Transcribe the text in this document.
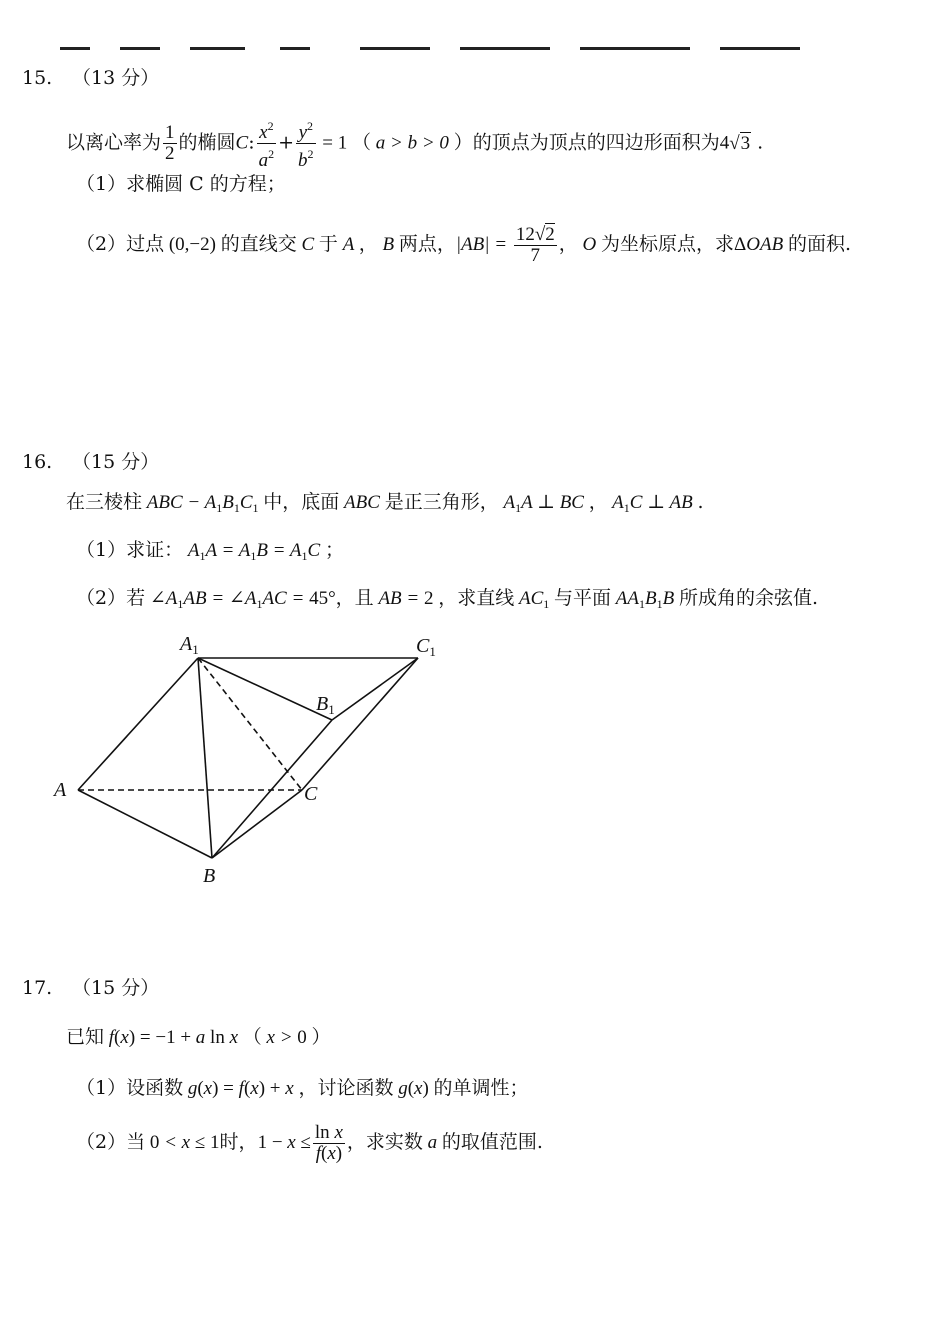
15. （13 分）
以离心率为 $\frac{1}{2}$ 的椭圆C: $\frac{x^2}{a^2} + \frac{y^2}{b^2} = 1$ （ a > b > 0 ）的顶点为顶点的四边形面积为4√3 .
（1）求椭圆 C 的方程；
（2）过点 (0,−2) 的直线交 C 于 A ， B 两点，$|AB| = \frac{12√2}{7}$ ， O 为坐标原点，求ΔOAB 的面积.
16. （15 分）
在三棱柱 ABC − $A_1B_1C_1$ 中，底面 ABC 是正三角形， $A_1A$ ⊥ BC ， $A_1C$ ⊥ AB .
（1）求证： $A_1A = A_1B = A_1C$ ；
（2）若 $\angle A_1AB$ = $\angle A_1AC = 45^\circ$，且 AB = 2 ，求直线 $AC_1$ 与平面 $AA_1B_1B$ 所成角的余弦值.
$A_1$	$C_1$
$B_1$
A	C
B
17. （15 分）
已知 f(x) = −1 + a ln x （ x > 0 ）
（1）设函数 g(x) = f(x) + x ，讨论函数 g(x) 的单调性；
（2）当 0 < x ≤ 1时，$1 - x \le \frac{\text{ln x}}{f(x)}$ ，求实数 a 的取值范围.
